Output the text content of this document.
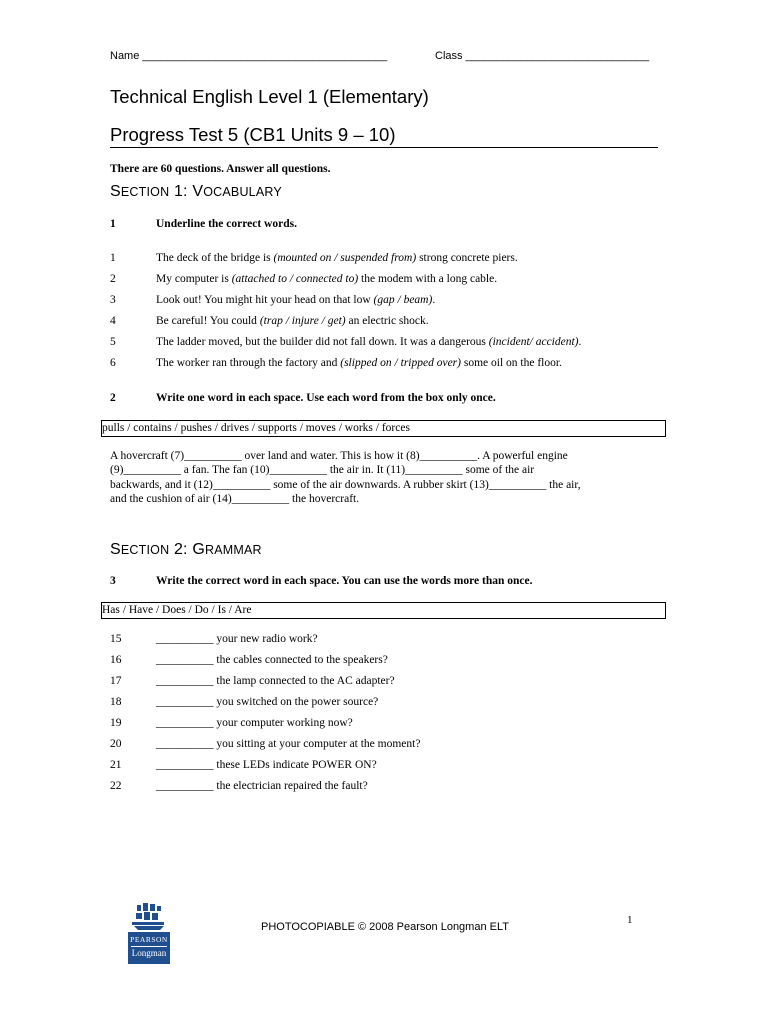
Name ________________________________________	Class ______________________________
Technical English Level 1 (Elementary)
Progress Test 5 (CB1 Units 9 – 10)
There are 60 questions. Answer all questions.
SECTION 1: VOCABULARY
1	Underline the correct words.
1	The deck of the bridge is (mounted on / suspended from) strong concrete piers.
2	My computer is (attached to / connected to) the modem with a long cable.
3	Look out! You might hit your head on that low (gap / beam).
4	Be careful! You could (trap / injure / get) an electric shock.
5	The ladder moved, but the builder did not fall down. It was a dangerous (incident/ accident).
6	The worker ran through the factory and (slipped on / tripped over) some oil on the floor.
2	Write one word in each space. Use each word from the box only once.
pulls / contains / pushes / drives / supports / moves / works / forces
A hovercraft (7)__________ over land and water. This is how it (8)__________. A powerful engine
(9)__________ a fan. The fan (10)__________ the air in. It (11)__________ some of the air
backwards, and it (12)__________ some of the air downwards. A rubber skirt (13)__________ the air,
and the cushion of air (14)__________ the hovercraft.
SECTION 2: GRAMMAR
3	Write the correct word in each space. You can use the words more than once.
Has / Have / Does / Do / Is / Are
15	__________ your new radio work?
16	__________ the cables connected to the speakers?
17	__________ the lamp connected to the AC adapter?
18	__________ you switched on the power source?
19	__________ your computer working now?
20	__________ you sitting at your computer at the moment?
21	__________ these LEDs indicate POWER ON?
22	__________ the electrician repaired the fault?
PEARSON
Longman
PHOTOCOPIABLE © 2008 Pearson Longman ELT
1
